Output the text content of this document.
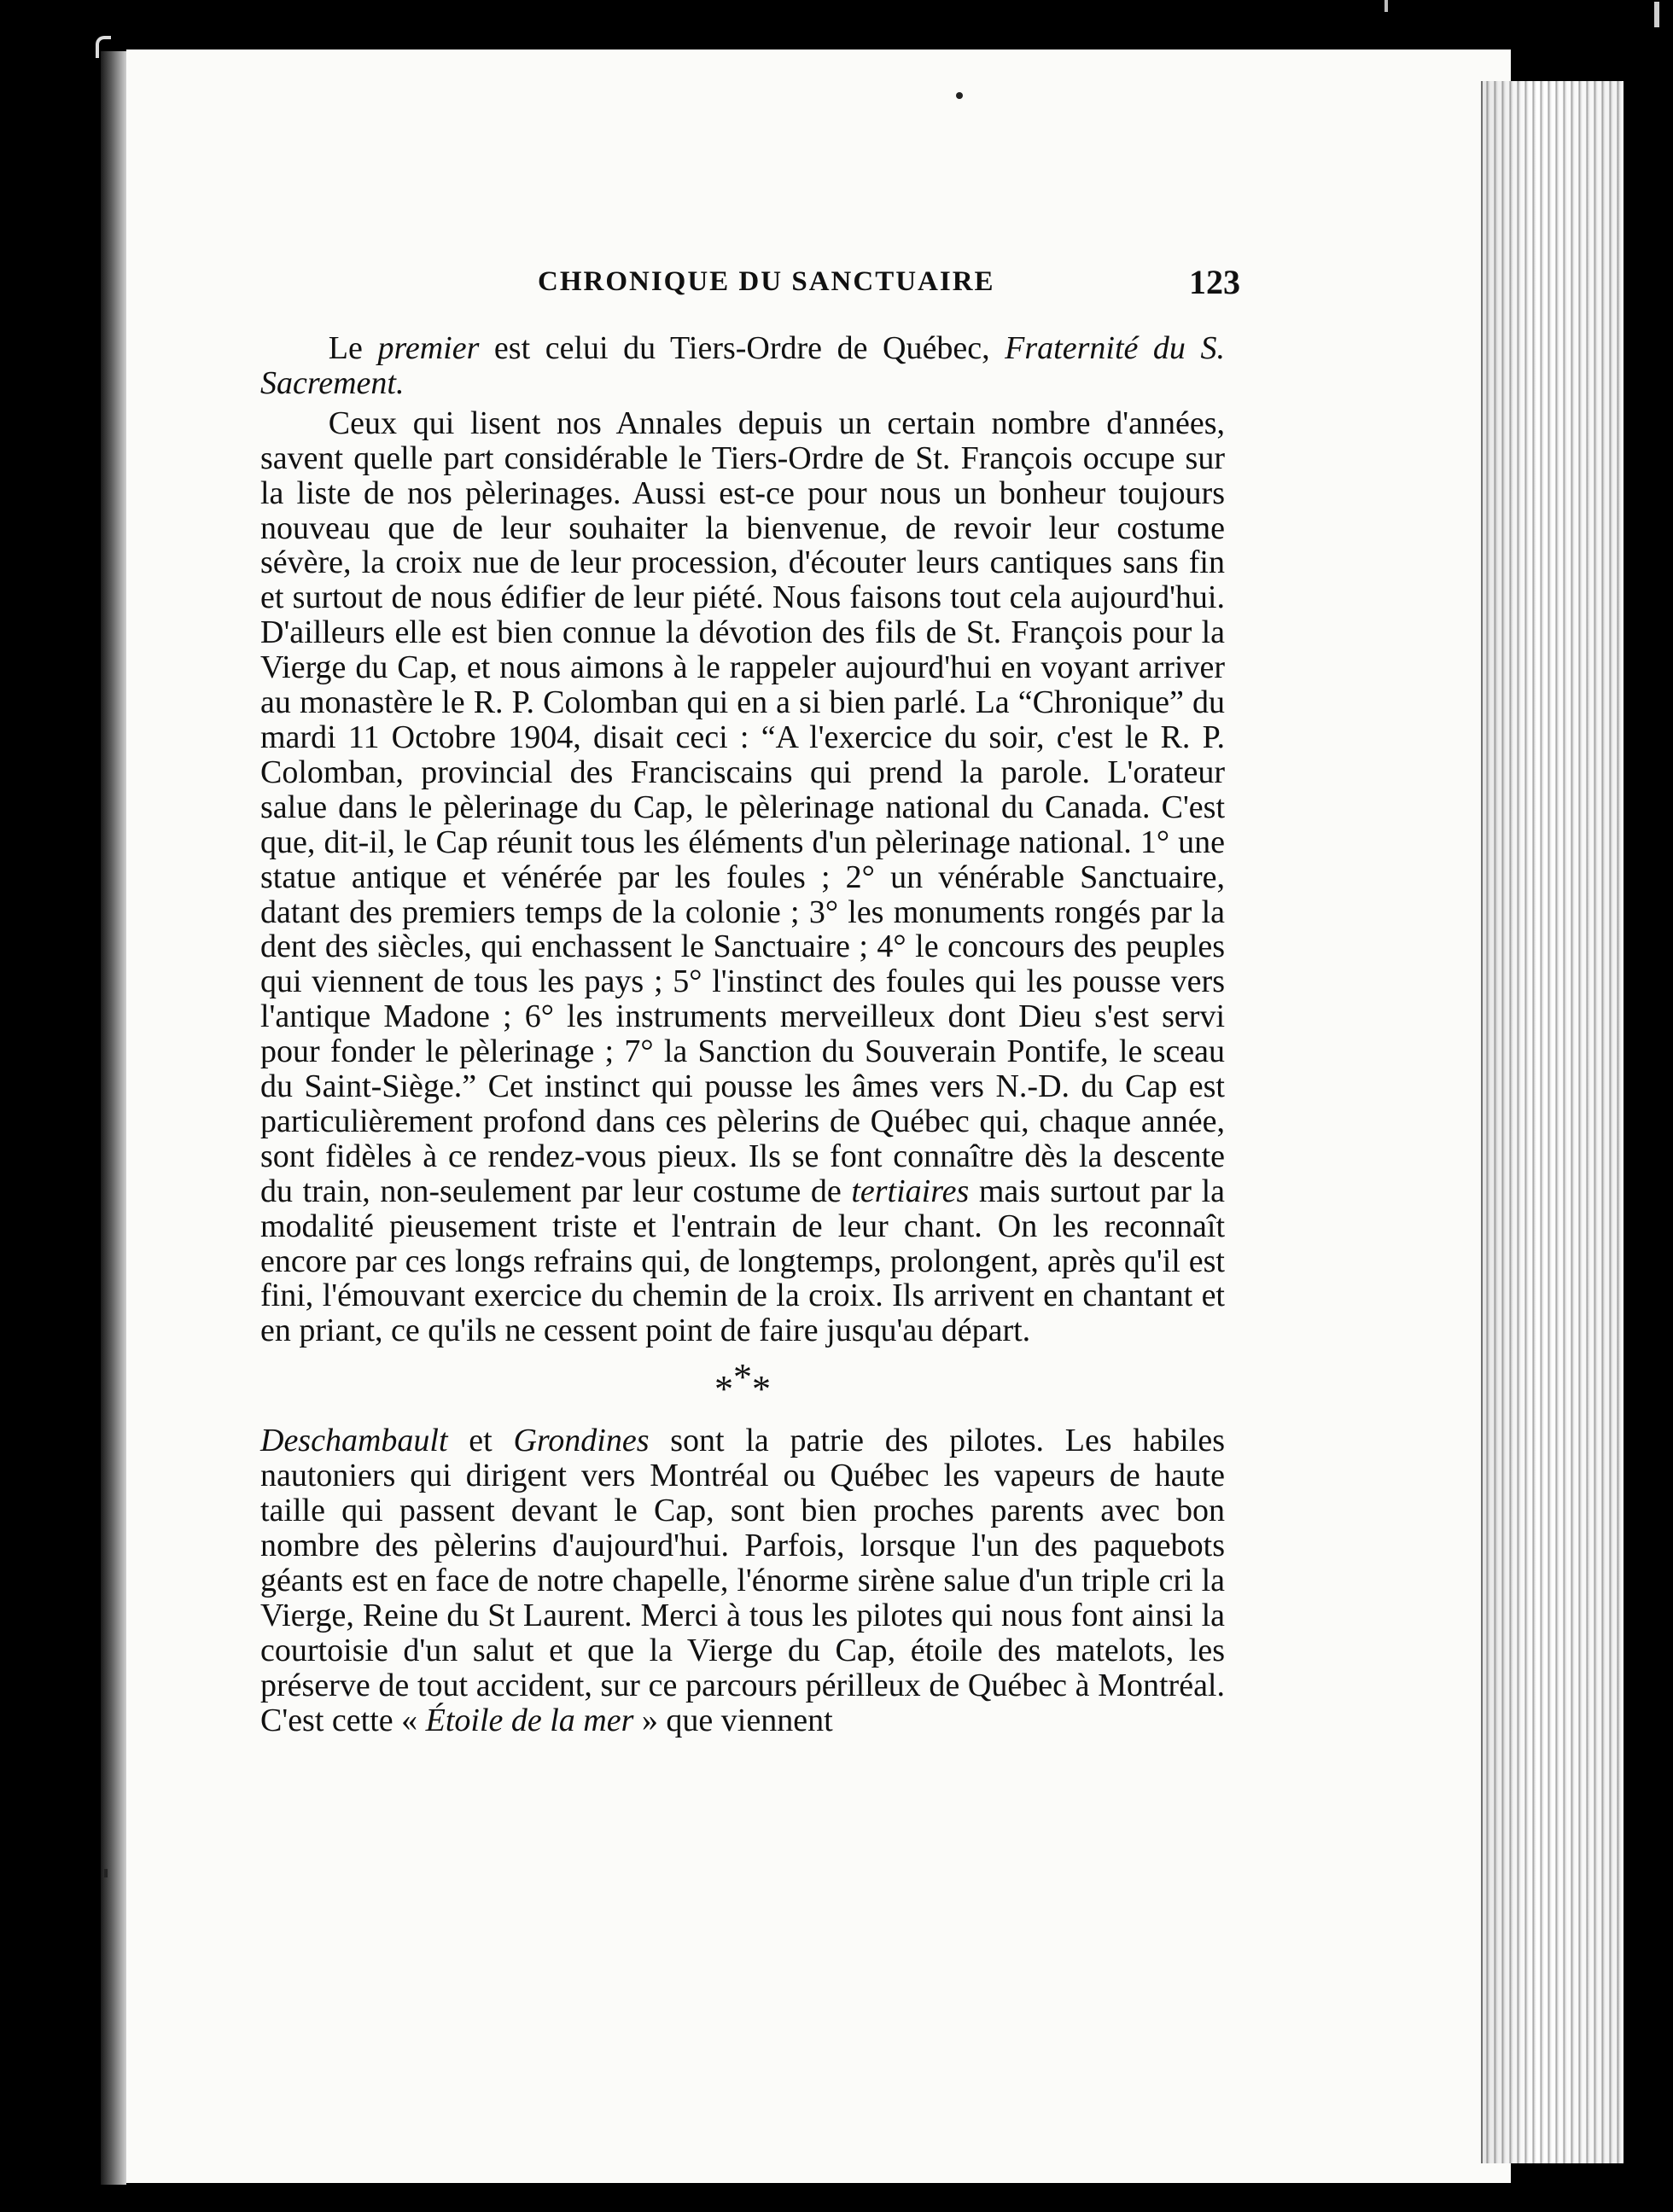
CHRONIQUE DU SANCTUAIRE	123

Le premier est celui du Tiers-Ordre de Québec, Fraternité du S. Sacrement.

Ceux qui lisent nos Annales depuis un certain nombre d'années, savent quelle part considérable le Tiers-Ordre de St. François occupe sur la liste de nos pèlerinages. Aussi est-ce pour nous un bonheur toujours nouveau que de leur souhaiter la bienvenue, de revoir leur costume sévère, la croix nue de leur procession, d'écouter leurs cantiques sans fin et surtout de nous édifier de leur piété. Nous faisons tout cela aujourd'hui. D'ailleurs elle est bien connue la dévotion des fils de St. François pour la Vierge du Cap, et nous aimons à le rappeler aujourd'hui en voyant arriver au monastère le R. P. Colomban qui en a si bien parlé. La “Chronique” du mardi 11 Octobre 1904, disait ceci : “A l'exercice du soir, c'est le R. P. Colomban, provincial des Franciscains qui prend la parole. L'orateur salue dans le pèlerinage du Cap, le pèlerinage national du Canada. C'est que, dit-il, le Cap réunit tous les éléments d'un pèlerinage national. 1° une statue antique et vénérée par les foules ; 2° un vénérable Sanctuaire, datant des premiers temps de la colonie ; 3° les monuments rongés par la dent des siècles, qui enchassent le Sanctuaire ; 4° le concours des peuples qui viennent de tous les pays ; 5° l'instinct des foules qui les pousse vers l'antique Madone ; 6° les instruments merveilleux dont Dieu s'est servi pour fonder le pèlerinage ; 7° la Sanction du Souverain Pontife, le sceau du Saint-Siège.” Cet instinct qui pousse les âmes vers N.-D. du Cap est particulièrement profond dans ces pèlerins de Québec qui, chaque année, sont fidèles à ce rendez-vous pieux. Ils se font connaître dès la descente du train, non-seulement par leur costume de tertiaires mais surtout par la modalité pieusement triste et l'entrain de leur chant. On les reconnaît encore par ces longs refrains qui, de longtemps, prolongent, après qu'il est fini, l'émouvant exercice du chemin de la croix. Ils arrivent en chantant et en priant, ce qu'ils ne cessent point de faire jusqu'au départ.

***

Deschambault et Grondines sont la patrie des pilotes. Les habiles nautoniers qui dirigent vers Montréal ou Québec les vapeurs de haute taille qui passent devant le Cap, sont bien proches parents avec bon nombre des pèlerins d'aujourd'hui. Parfois, lorsque l'un des paquebots géants est en face de notre chapelle, l'énorme sirène salue d'un triple cri la Vierge, Reine du St Laurent. Merci à tous les pilotes qui nous font ainsi la courtoisie d'un salut et que la Vierge du Cap, étoile des matelots, les préserve de tout accident, sur ce parcours périlleux de Québec à Montréal. C'est cette « Étoile de la mer » que viennent
